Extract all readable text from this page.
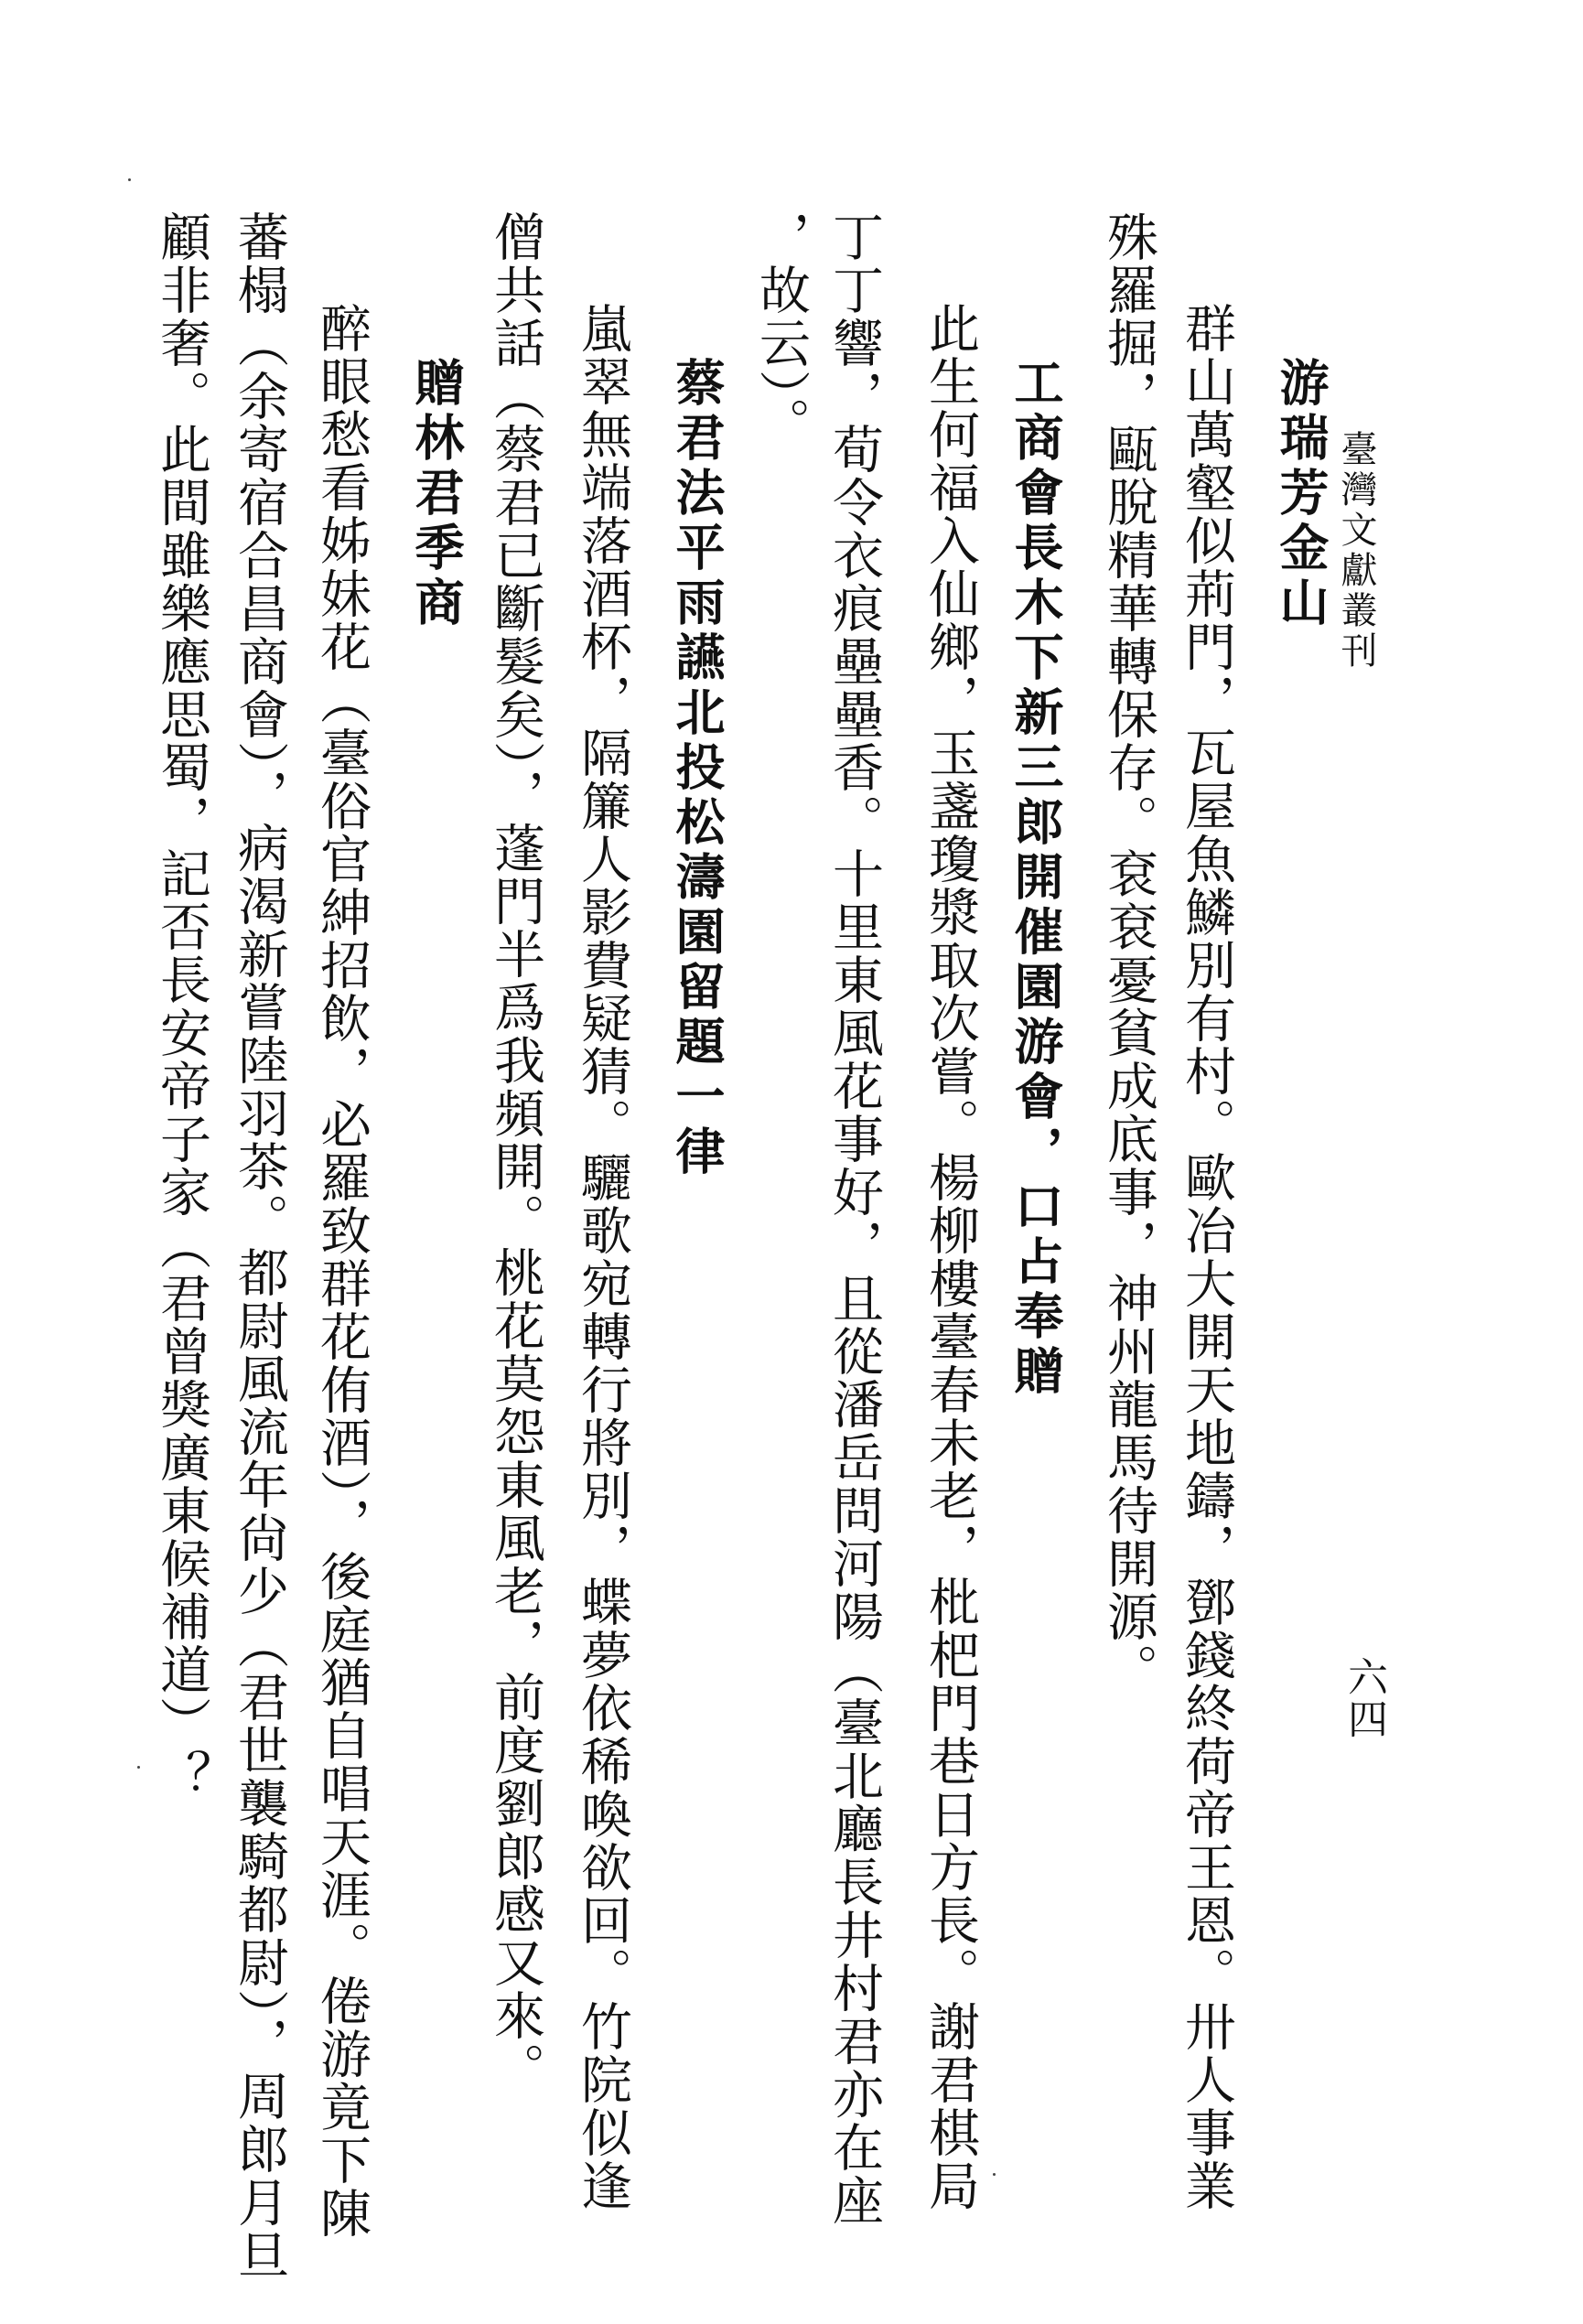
臺灣文獻叢刊
六四
游瑞芳金山
群山萬壑似荊門，瓦屋魚鱗別有村。歐冶大開天地鑄，鄧錢終荷帝王恩。卅人事業
殊羅掘，甌脫精華轉保存。袞袞憂貧成底事，神州龍馬待開源。
工商會長木下新三郎開催園游會，口占奉贈
此生何福入仙鄉，玉盞瓊漿取次嘗。楊柳樓臺春未老，枇杷門巷日方長。謝君棋局
丁丁響，荀令衣痕壘壘香。十里東風花事好，且從潘岳問河陽（臺北廳長井村君亦在座
，故云）。
蔡君法平雨讌北投松濤園留題一律
嵐翠無端落酒杯，隔簾人影費疑猜。驪歌宛轉行將別，蝶夢依稀喚欲回。竹院似逢
僧共話（蔡君已斷髮矣），蓬門半爲我頻開。桃花莫怨東風老，前度劉郎感又來。
贈林君季商
醉眼愁看姊妹花（臺俗官紳招飲，必羅致群花侑酒），後庭猶自唱天涯。倦游竟下陳
蕃榻（余寄宿合昌商會），病渴新嘗陸羽茶。都尉風流年尙少（君世襲騎都尉），周郎月旦
顧非奢。此間雖樂應思蜀，記否長安帝子家（君曾獎廣東候補道）？
